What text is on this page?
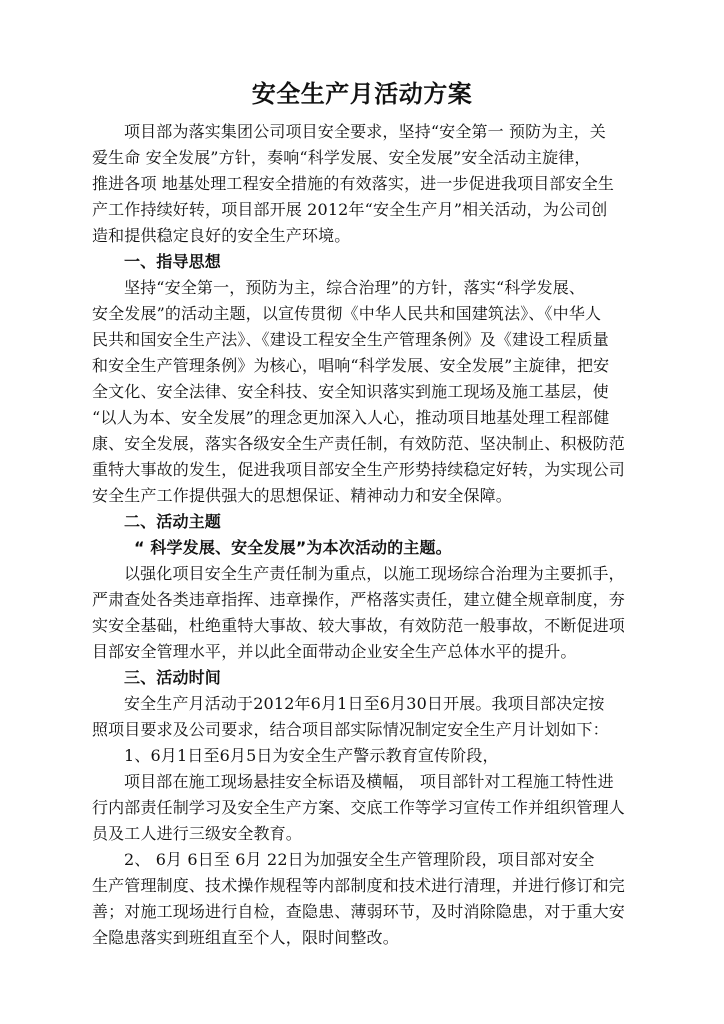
安全生产月活动方案
项目部为落实集团公司项目安全要求，坚持“安全第一 预防为主，关
爱生命 安全发展”方针，奏响“科学发展、安全发展”安全活动主旋律，
推进各项 地基处理工程安全措施的有效落实，进一步促进我项目部安全生
产工作持续好转，项目部开展 2012年“安全生产月”相关活动，为公司创
造和提供稳定良好的安全生产环境。
一、指导思想
坚持“安全第一，预防为主，综合治理”的方针，落实“科学发展、
安全发展”的活动主题，以宣传贯彻《中华人民共和国建筑法》、《中华人
民共和国安全生产法》、《建设工程安全生产管理条例》及《建设工程质量
和安全生产管理条例》为核心，唱响“科学发展、安全发展”主旋律，把安
全文化、安全法律、安全科技、安全知识落实到施工现场及施工基层，使
“以人为本、安全发展”的理念更加深入人心，推动项目地基处理工程部健
康、安全发展，落实各级安全生产责任制，有效防范、坚决制止、积极防范
重特大事故的发生，促进我项目部安全生产形势持续稳定好转，为实现公司
安全生产工作提供强大的思想保证、精神动力和安全保障。
二、活动主题
“ 科学发展、安全发展”为本次活动的主题。
以强化项目安全生产责任制为重点，以施工现场综合治理为主要抓手，
严肃查处各类违章指挥、违章操作，严格落实责任，建立健全规章制度，夯
实安全基础，杜绝重特大事故、较大事故，有效防范一般事故，不断促进项
目部安全管理水平，并以此全面带动企业安全生产总体水平的提升。
三、活动时间
安全生产月活动于2012年6月1日至6月30日开展。我项目部决定按
照项目要求及公司要求，结合项目部实际情况制定安全生产月计划如下：
1、6月1日至6月5日为安全生产警示教育宣传阶段，
项目部在施工现场悬挂安全标语及横幅， 项目部针对工程施工特性进
行内部责任制学习及安全生产方案、交底工作等学习宣传工作并组织管理人
员及工人进行三级安全教育。
2、 6月 6日至 6月 22日为加强安全生产管理阶段，项目部对安全
生产管理制度、技术操作规程等内部制度和技术进行清理，并进行修订和完
善；对施工现场进行自检，查隐患、薄弱环节，及时消除隐患，对于重大安
全隐患落实到班组直至个人，限时间整改。
